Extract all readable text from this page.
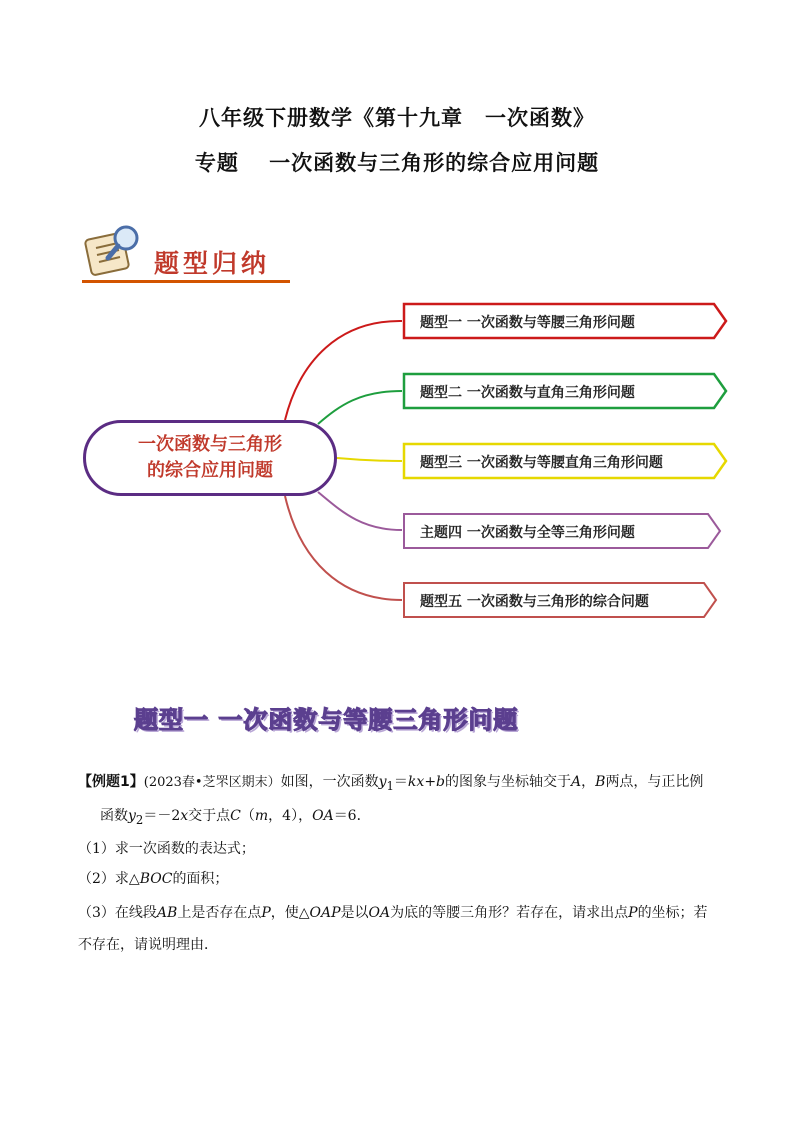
八年级下册数学《第十九章　一次函数》
专题　 一次函数与三角形的综合应用问题
题型归纳
一次函数与三角形
的综合应用问题
题型一 一次函数与等腰三角形问题
题型二 一次函数与直角三角形问题
题型三 一次函数与等腰直角三角形问题
主题四 一次函数与全等三角形问题
题型五 一次函数与三角形的综合问题
题型一 一次函数与等腰三角形问题
【例题1】(2023春•芝罘区期末）如图，一次函数$y_1=kx+b$的图象与坐标轴交于A，B两点，与正比例
函数$y_2=-2x$交于点C（m，4），OA＝6．
（1）求一次函数的表达式；
（2）求△BOC的面积；
（3）在线段AB上是否存在点P，使△OAP是以OA为底的等腰三角形？若存在，请求出点P的坐标；若
不存在，请说明理由．
